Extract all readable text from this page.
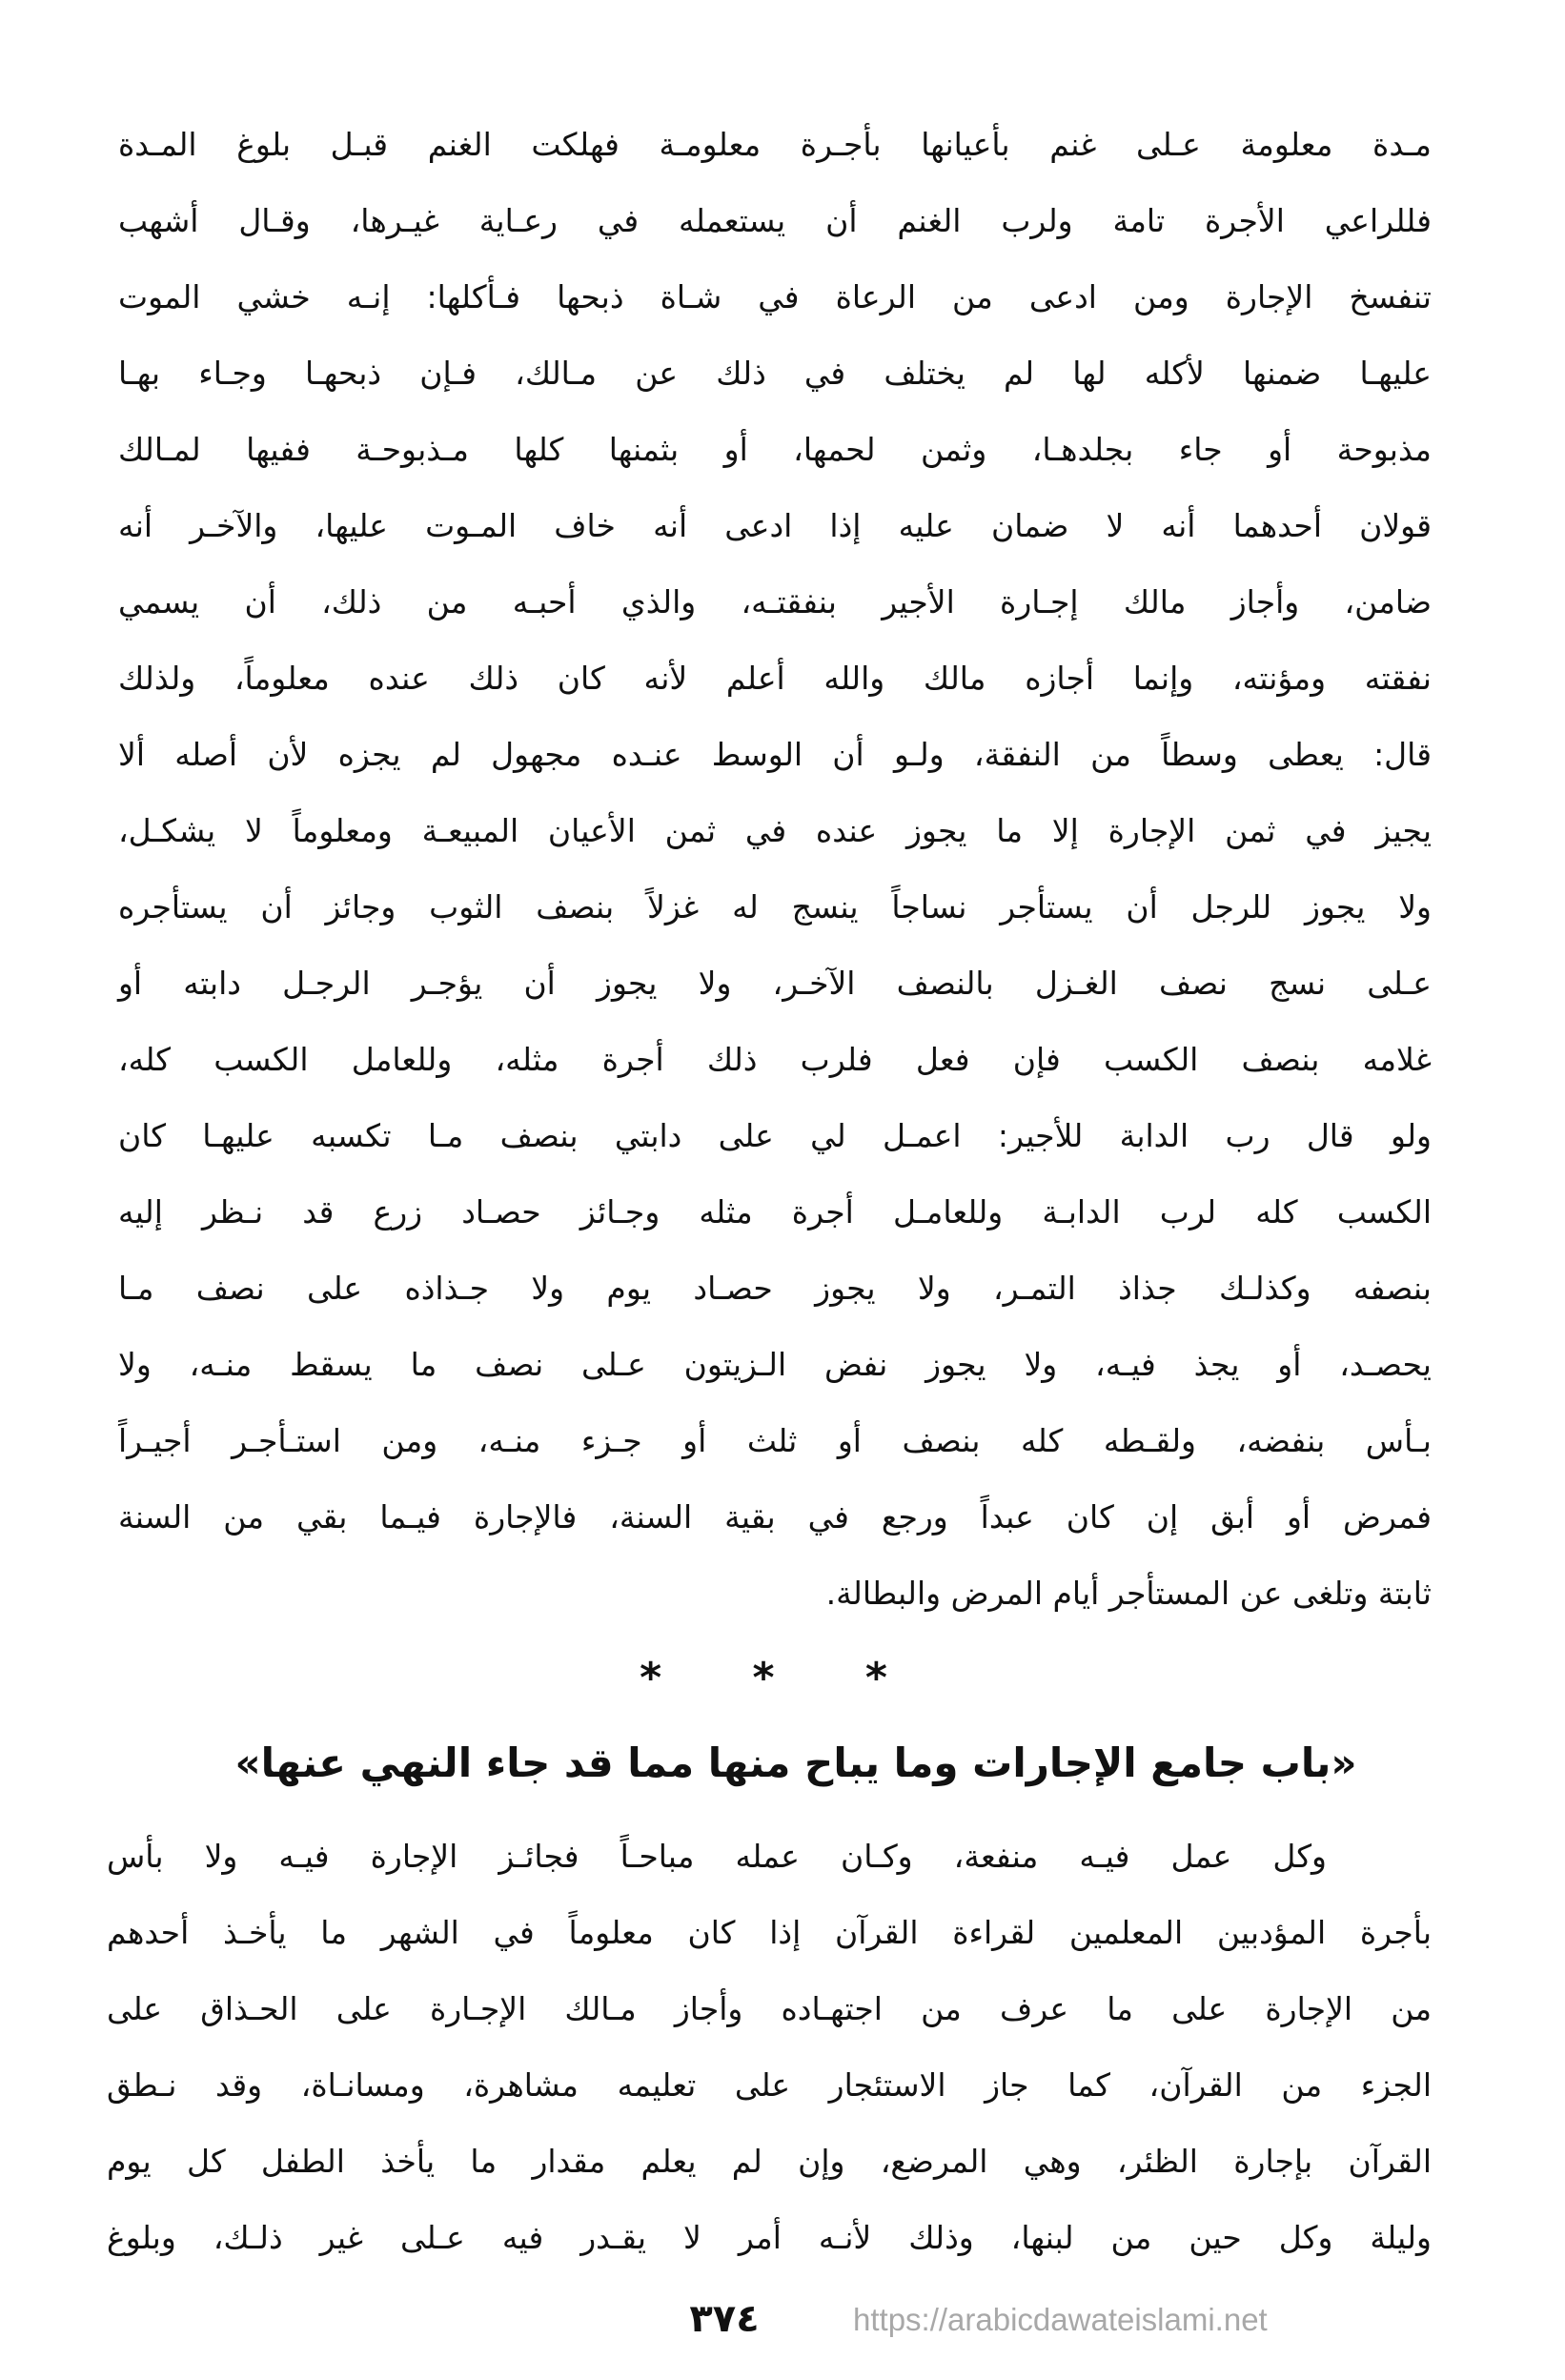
مـدة معلومة عـلى غنم بأعيانها بأجـرة معلومـة فهلكت الغنم قبـل بلوغ المـدة
فللراعي الأجرة تامة ولرب الغنم أن يستعمله في رعـاية غيـرها، وقـال أشهب
تنفسخ الإجارة ومن ادعى من الرعاة في شـاة ذبحها فـأكلها: إنـه خشي الموت
عليهـا ضمنها لأكله لها لم يختلف في ذلك عن مـالك، فـإن ذبحهـا وجـاء بهـا
مذبوحة أو جاء بجلدهـا، وثمن لحمها، أو بثمنها كلها مـذبوحـة ففيها لمـالك
قولان أحدهما أنه لا ضمان عليه إذا ادعى أنه خاف المـوت عليها، والآخـر أنه
ضامن، وأجاز مالك إجـارة الأجير بنفقتـه، والذي أحبـه من ذلك، أن يسمي
نفقته ومؤنته، وإنما أجازه مالك والله أعلم لأنه كان ذلك عنده معلوماً، ولذلك
قال: يعطى وسطاً من النفقة، ولـو أن الوسط عنـده مجهول لم يجزه لأن أصله ألا
يجيز في ثمن الإجارة إلا ما يجوز عنده في ثمن الأعيان المبيعـة ومعلوماً لا يشكـل،
ولا يجوز للرجل أن يستأجر نساجاً ينسج له غزلاً بنصف الثوب وجائز أن يستأجره
عـلى نسج نصف الغـزل بالنصف الآخـر، ولا يجوز أن يؤجـر الرجـل دابته أو
غلامه بنصف الكسب فإن فعل فلرب ذلك أجرة مثله، وللعامل الكسب كله،
ولو قال رب الدابة للأجير: اعمـل لي على دابتي بنصف مـا تكسبه عليهـا كان
الكسب كله لرب الدابـة وللعامـل أجرة مثله وجـائز حصـاد زرع قد نـظر إليه
بنصفه وكذلـك جذاذ التمـر، ولا يجوز حصـاد يوم ولا جـذاذه على نصف مـا
يحصـد، أو يجذ فيـه، ولا يجوز نفض الـزيتون عـلى نصف ما يسقط منـه، ولا
بـأس بنفضه، ولقـطه كله بنصف أو ثلث أو جـزء منـه، ومن استـأجـر أجيـراً
فمرض أو أبق إن كان عبداً ورجع في بقية السنة، فالإجارة فيـما بقي من السنة
ثابتة وتلغى عن المستأجر أيام المرض والبطالة.
* * *
«باب جامع الإجارات وما يباح منها مما قد جاء النهي عنها»
وكل عمل فيـه منفعة، وكـان عمله مباحـاً فجائـز الإجارة فيـه ولا بأس
بأجرة المؤدبين المعلمين لقراءة القرآن إذا كان معلوماً في الشهر ما يأخـذ أحدهم
من الإجارة على ما عرف من اجتهـاده وأجاز مـالك الإجـارة على الحـذاق على
الجزء من القرآن، كما جاز الاستئجار على تعليمه مشاهرة، ومسانـاة، وقد نـطق
القرآن بإجارة الظئر، وهي المرضع، وإن لم يعلم مقدار ما يأخذ الطفل كل يوم
وليلة وكل حين من لبنها، وذلك لأنـه أمر لا يقـدر فيه عـلى غير ذلـك، وبلوغ
٣٧٤	https://arabicdawateislami.net
